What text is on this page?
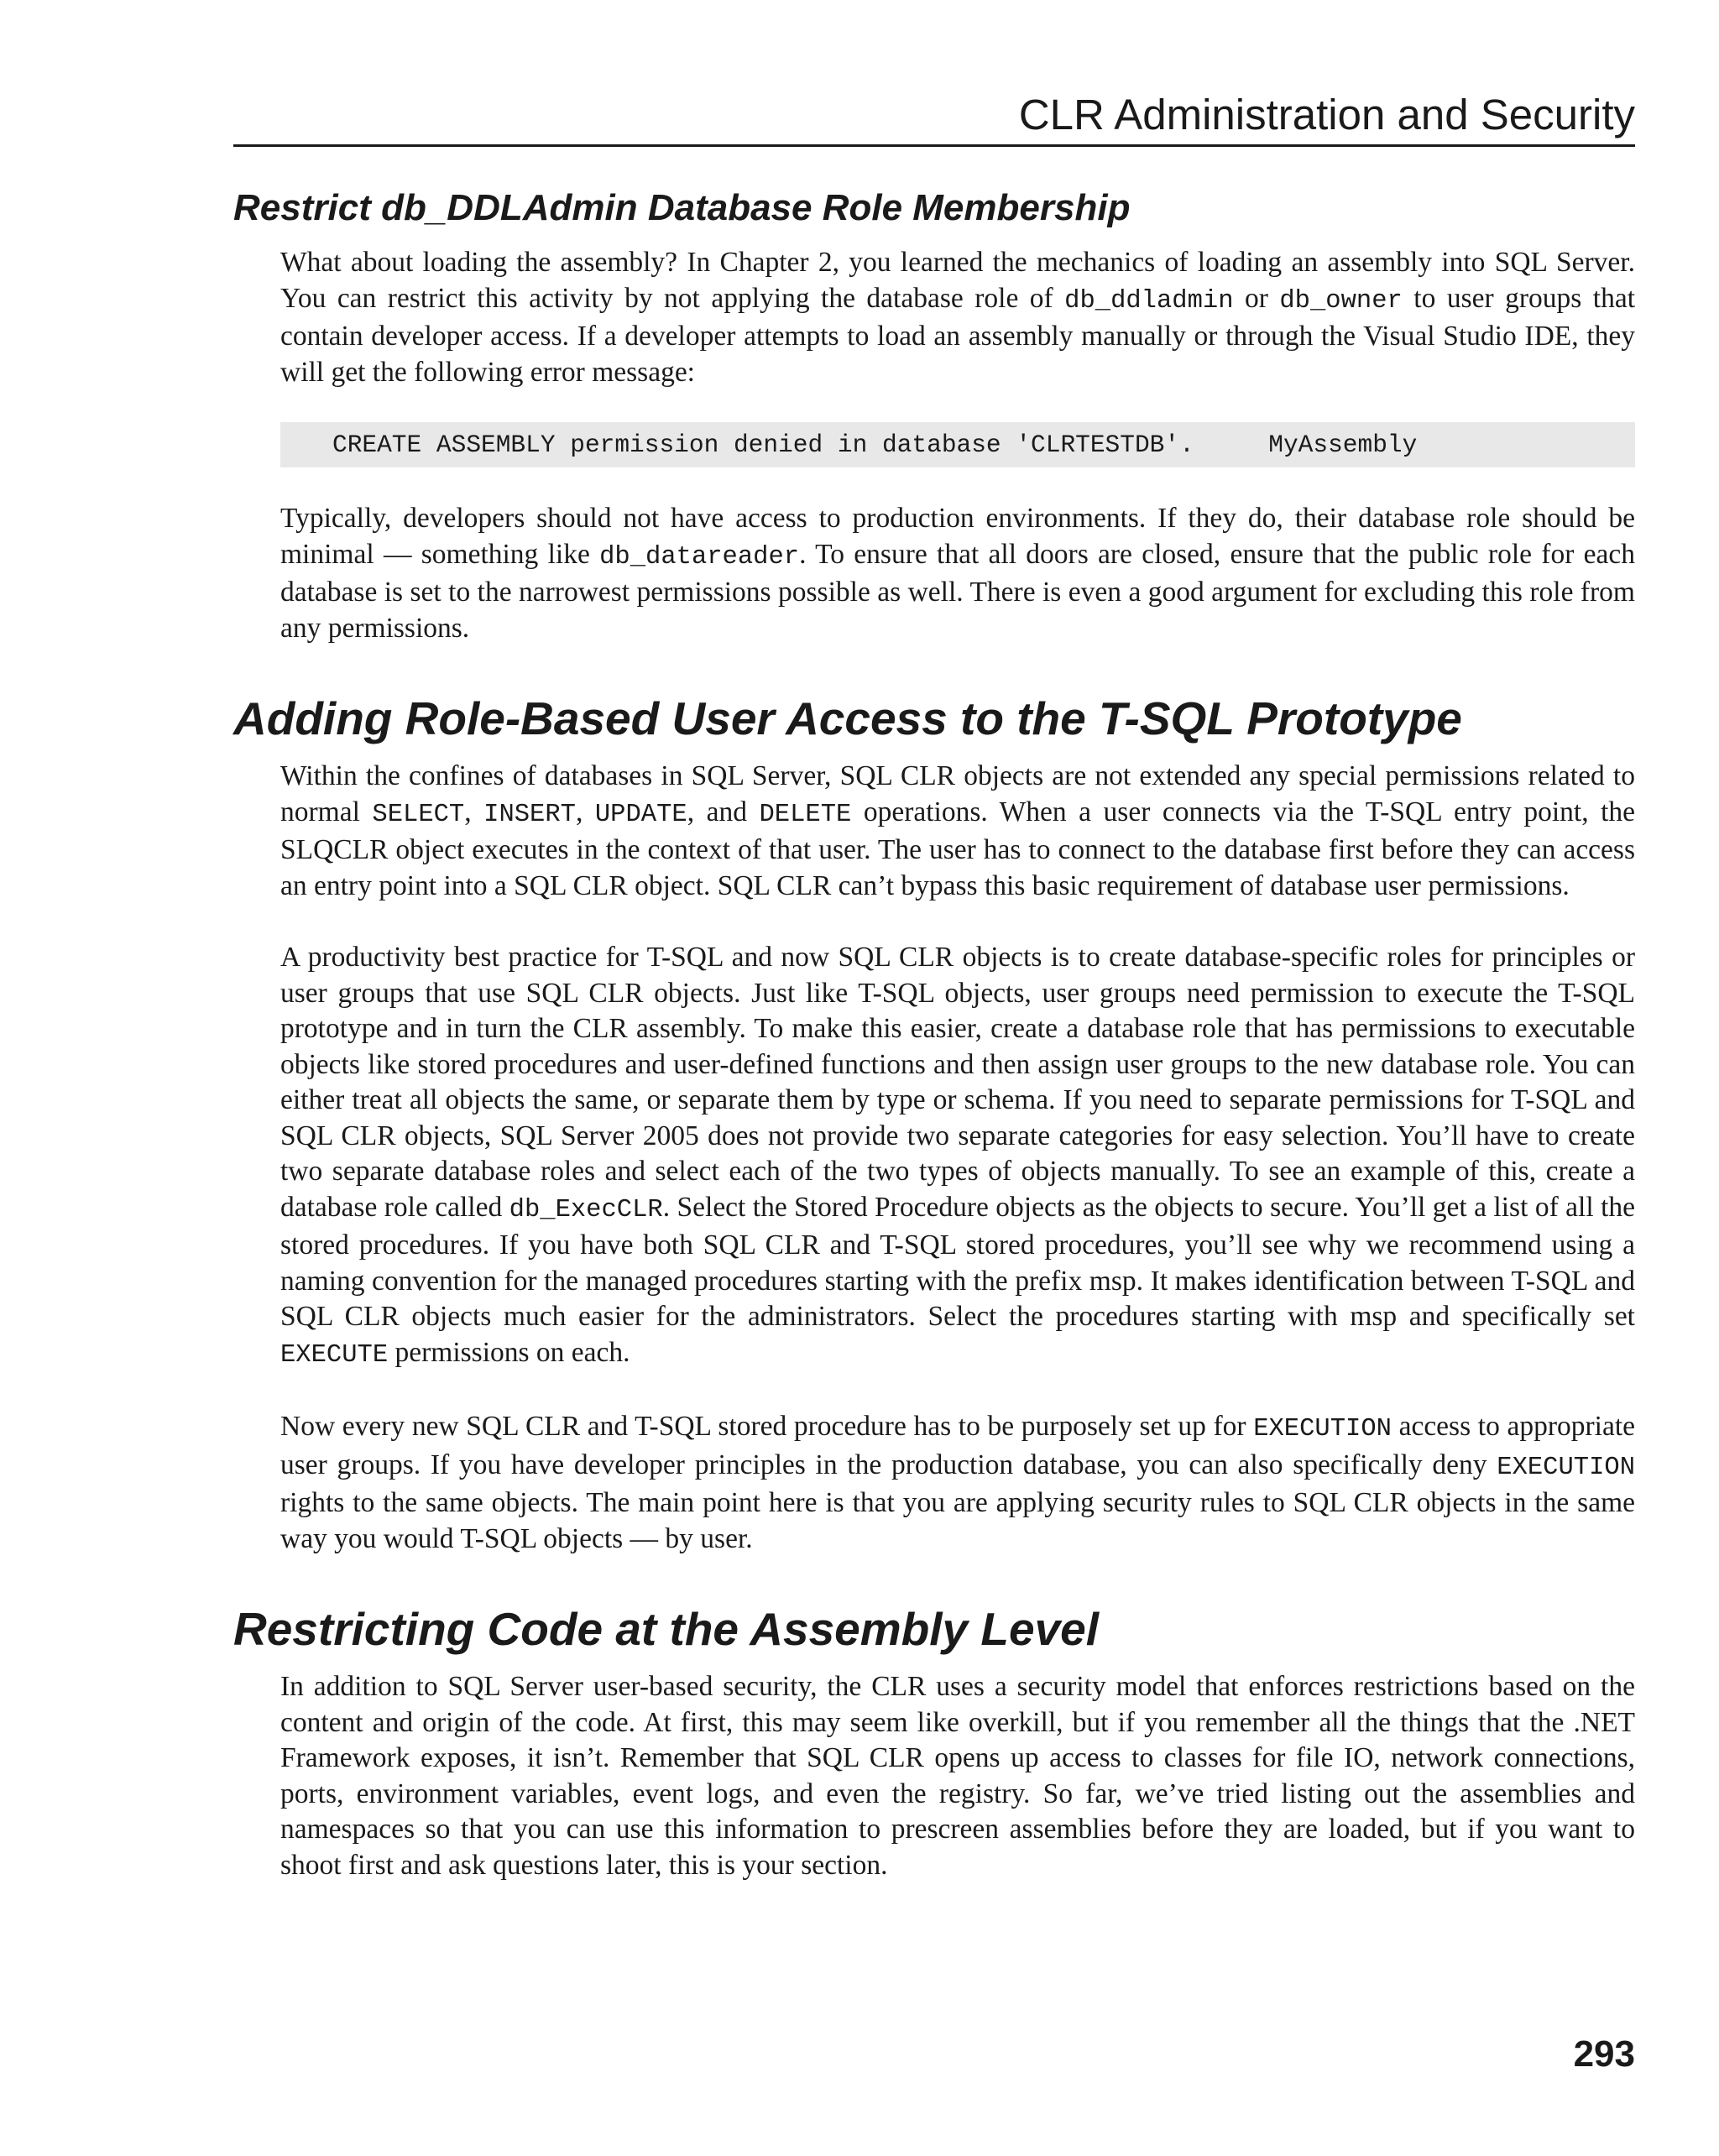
CLR Administration and Security
Restrict db_DDLAdmin Database Role Membership

What about loading the assembly? In Chapter 2, you learned the mechanics of loading an assembly into SQL Server. You can restrict this activity by not applying the database role of db_ddladmin or db_owner to user groups that contain developer access. If a developer attempts to load an assembly manually or through the Visual Studio IDE, they will get the following error message:

CREATE ASSEMBLY permission denied in database 'CLRTESTDB'.     MyAssembly

Typically, developers should not have access to production environments. If they do, their database role should be minimal — something like db_datareader. To ensure that all doors are closed, ensure that the public role for each database is set to the narrowest permissions possible as well. There is even a good argument for excluding this role from any permissions.

Adding Role-Based User Access to the T-SQL Prototype

Within the confines of databases in SQL Server, SQL CLR objects are not extended any special permissions related to normal SELECT, INSERT, UPDATE, and DELETE operations. When a user connects via the T-SQL entry point, the SLQCLR object executes in the context of that user. The user has to connect to the database first before they can access an entry point into a SQL CLR object. SQL CLR can’t bypass this basic requirement of database user permissions.

A productivity best practice for T-SQL and now SQL CLR objects is to create database-specific roles for principles or user groups that use SQL CLR objects. Just like T-SQL objects, user groups need permission to execute the T-SQL prototype and in turn the CLR assembly. To make this easier, create a database role that has permissions to executable objects like stored procedures and user-defined functions and then assign user groups to the new database role. You can either treat all objects the same, or separate them by type or schema. If you need to separate permissions for T-SQL and SQL CLR objects, SQL Server 2005 does not provide two separate categories for easy selection. You’ll have to create two separate database roles and select each of the two types of objects manually. To see an example of this, create a database role called db_ExecCLR. Select the Stored Procedure objects as the objects to secure. You’ll get a list of all the stored procedures. If you have both SQL CLR and T-SQL stored procedures, you’ll see why we recommend using a naming convention for the managed procedures starting with the prefix msp. It makes identification between T-SQL and SQL CLR objects much easier for the administrators. Select the procedures starting with msp and specifically set EXECUTE permissions on each.

Now every new SQL CLR and T-SQL stored procedure has to be purposely set up for EXECUTION access to appropriate user groups. If you have developer principles in the production database, you can also specifically deny EXECUTION rights to the same objects. The main point here is that you are applying security rules to SQL CLR objects in the same way you would T-SQL objects — by user.

Restricting Code at the Assembly Level

In addition to SQL Server user-based security, the CLR uses a security model that enforces restrictions based on the content and origin of the code. At first, this may seem like overkill, but if you remember all the things that the .NET Framework exposes, it isn’t. Remember that SQL CLR opens up access to classes for file IO, network connections, ports, environment variables, event logs, and even the registry. So far, we’ve tried listing out the assemblies and namespaces so that you can use this information to prescreen assemblies before they are loaded, but if you want to shoot first and ask questions later, this is your section.

293
